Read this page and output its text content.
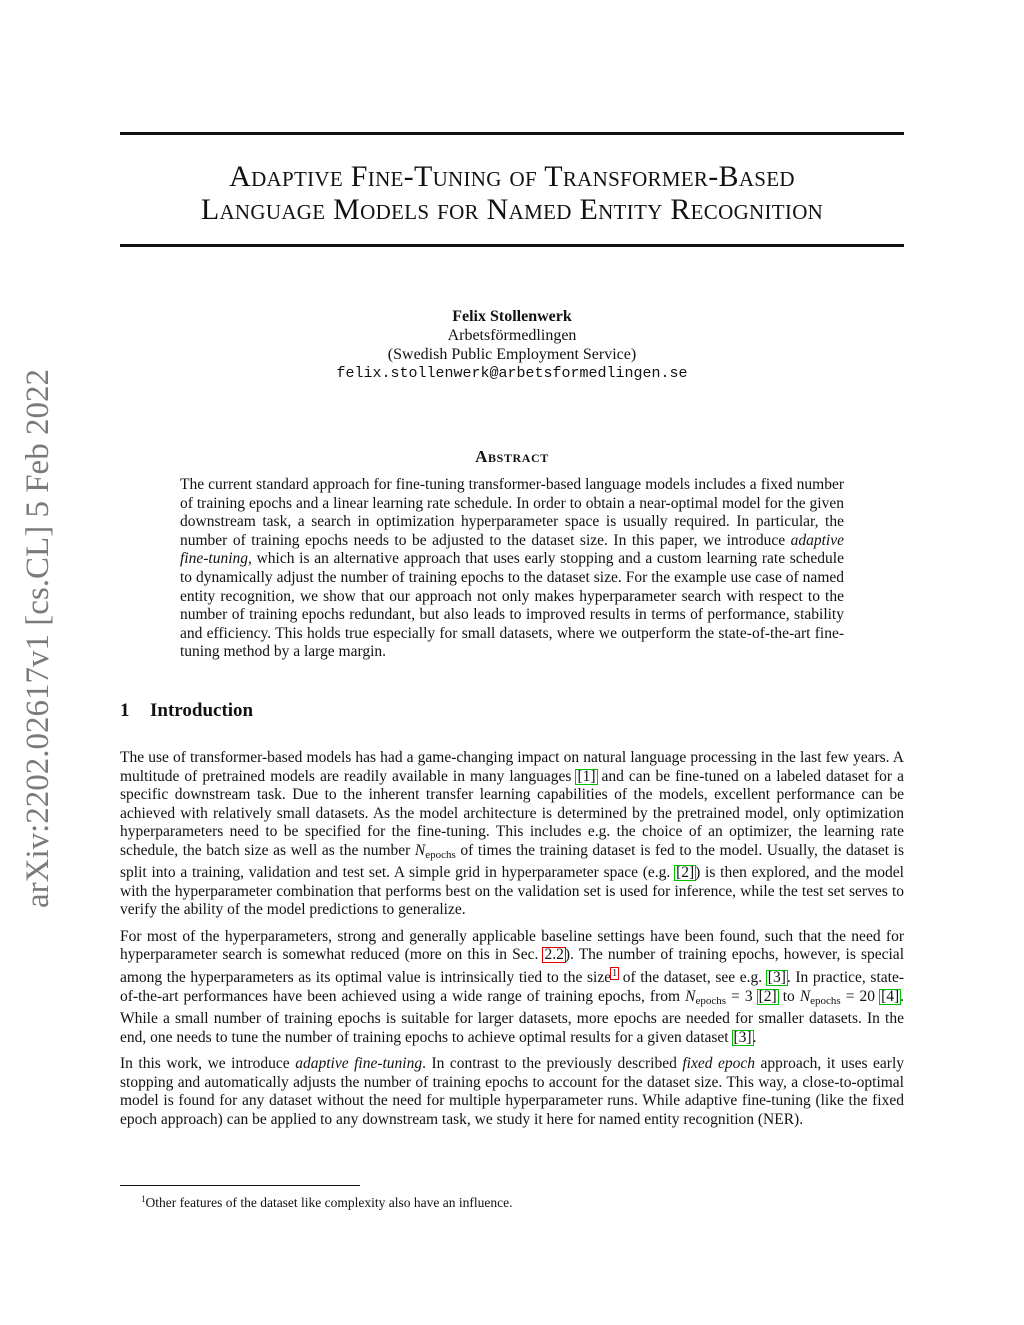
arXiv:2202.02617v1 [cs.CL] 5 Feb 2022
Adaptive Fine-Tuning of Transformer-Based
Language Models for Named Entity Recognition
Felix Stollenwerk
Arbetsförmedlingen
(Swedish Public Employment Service)
felix.stollenwerk@arbetsformedlingen.se
Abstract
The current standard approach for fine-tuning transformer-based language models includes a fixed number of training epochs and a linear learning rate schedule. In order to obtain a near-optimal model for the given downstream task, a search in optimization hyperparameter space is usually required. In particular, the number of training epochs needs to be adjusted to the dataset size. In this paper, we introduce adaptive fine-tuning, which is an alternative approach that uses early stopping and a custom learning rate schedule to dynamically adjust the number of training epochs to the dataset size. For the example use case of named entity recognition, we show that our approach not only makes hyperparameter search with respect to the number of training epochs redundant, but also leads to improved results in terms of performance, stability and efficiency. This holds true especially for small datasets, where we outperform the state-of-the-art fine-tuning method by a large margin.
1 Introduction

The use of transformer-based models has had a game-changing impact on natural language processing in the last few years. A multitude of pretrained models are readily available in many languages [1] and can be fine-tuned on a labeled dataset for a specific downstream task. Due to the inherent transfer learning capabilities of the models, excellent performance can be achieved with relatively small datasets. As the model architecture is determined by the pretrained model, only optimization hyperparameters need to be specified for the fine-tuning. This includes e.g. the choice of an optimizer, the learning rate schedule, the batch size as well as the number $N_{epochs}$ of times the training dataset is fed to the model. Usually, the dataset is split into a training, validation and test set. A simple grid in hyperparameter space (e.g. [2]) is then explored, and the model with the hyperparameter combination that performs best on the validation set is used for inference, while the test set serves to verify the ability of the model predictions to generalize.

For most of the hyperparameters, strong and generally applicable baseline settings have been found, such that the need for hyperparameter search is somewhat reduced (more on this in Sec. 2.2). The number of training epochs, however, is special among the hyperparameters as its optimal value is intrinsically tied to the size$^1$ of the dataset, see e.g. [3]. In practice, state-of-the-art performances have been achieved using a wide range of training epochs, from $N_{epochs} = 3$ [2] to $N_{epochs} = 20$ [4]. While a small number of training epochs is suitable for larger datasets, more epochs are needed for smaller datasets. In the end, one needs to tune the number of training epochs to achieve optimal results for a given dataset [3].

In this work, we introduce adaptive fine-tuning. In contrast to the previously described fixed epoch approach, it uses early stopping and automatically adjusts the number of training epochs to account for the dataset size. This way, a close-to-optimal model is found for any dataset without the need for multiple hyperparameter runs. While adaptive fine-tuning (like the fixed epoch approach) can be applied to any downstream task, we study it here for named entity recognition (NER).

$^1$Other features of the dataset like complexity also have an influence.
